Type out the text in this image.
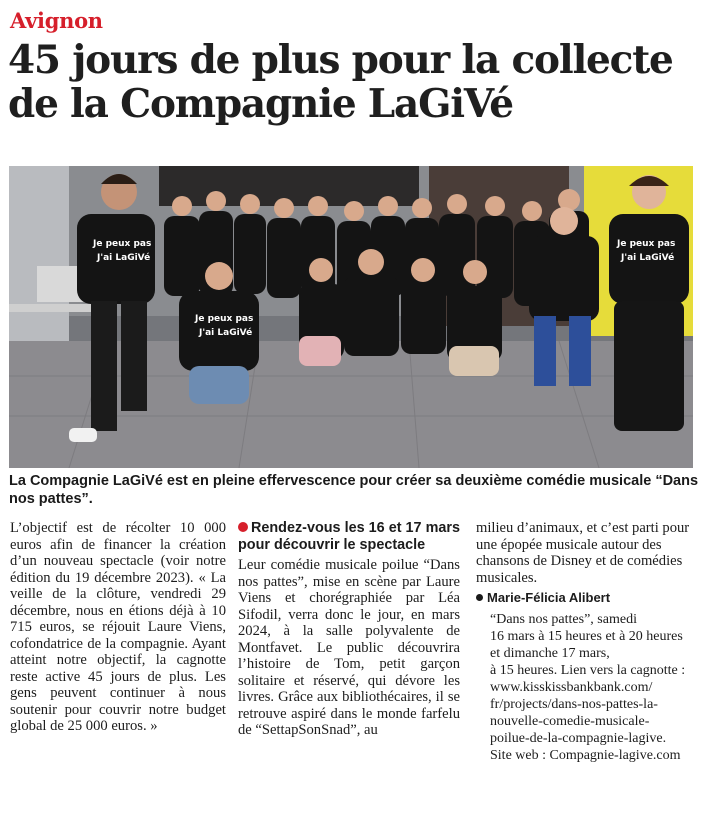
Avignon
45 jours de plus pour la collecte de la Compagnie LaGiVé
Je peux pas
J'ai LaGiVé
Je peux pas
J'ai LaGiVé
Je peux pas
J'ai LaGiVé
La Compagnie LaGiVé est en pleine effervescence pour créer sa deuxième comédie musicale “Dans nos pattes”.

L’objectif est de récolter 10 000 euros afin de financer la création d’un nouveau spectacle (voir notre édition du 19 décembre 2023). « La veille de la clôture, vendredi 29 décembre, nous en étions déjà à 10 715 euros, se réjouit Laure Viens, cofondatrice de la compagnie. Ayant atteint notre objectif, la cagnotte reste active 45 jours de plus. Les gens peuvent continuer à nous soutenir pour couvrir notre budget global de 25 000 euros. »

Rendez-vous les 16 et 17 mars pour découvrir le spectacle

Leur comédie musicale poilue “Dans nos pattes”, mise en scène par Laure Viens et chorégraphiée par Léa Sifodil, verra donc le jour, en mars 2024, à la salle polyvalente de Montfavet. Le public découvrira l’histoire de Tom, petit garçon solitaire et réservé, qui dévore les livres. Grâce aux bibliothécaires, il se retrouve aspiré dans le monde farfelu de “SettapSonSnad”, au

milieu d’animaux, et c’est parti pour une épopée musicale autour des chansons de Disney et de comédies musicales.

Marie-Félicia Alibert
“Dans nos pattes”, samedi
16 mars à 15 heures et à 20 heures
et dimanche 17 mars,
à 15 heures. Lien vers la cagnotte : www.kisskissbankbank.com/
fr/projects/dans-nos-pattes-la-
nouvelle-comedie-musicale-
poilue-de-la-compagnie-lagive.
Site web : Compagnie-lagive.com
